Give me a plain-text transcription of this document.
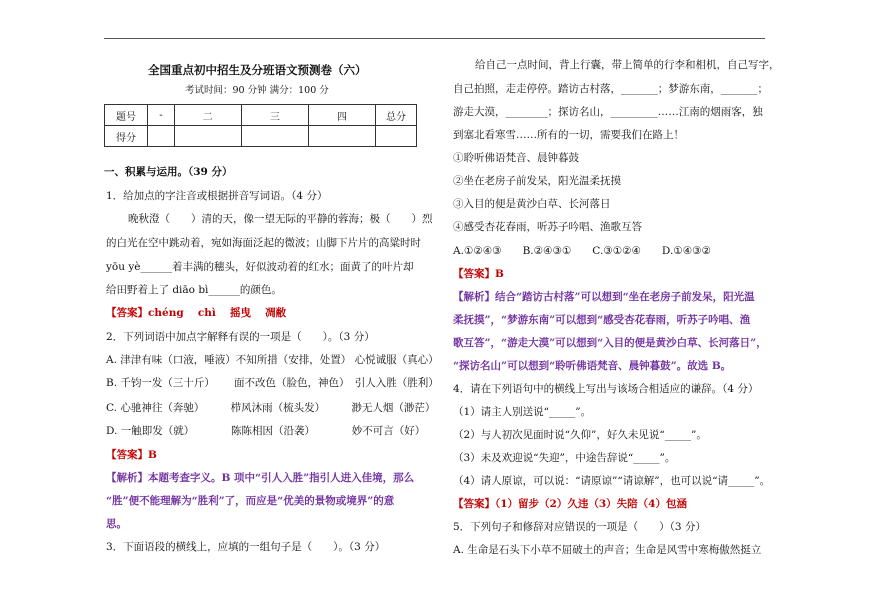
全国重点初中招生及分班语文预测卷（六）
考试时间：90 分钟 满分：100 分
题号	-	二	三	四	总分
得分					
一、积累与运用。（39 分）
1．给加点的字注音或根据拼音写词语。（4 分）
晚秋澄（　　）清的天，像一望无际的平静的蓉海；极（　　）烈
的白光在空中跳动着，宛如海面泛起的微波；山脚下片片的高粱时时
yōu yè______着丰满的穗头，好似波动着的红水；面黄了的叶片却
给田野着上了 diāo bì______的颜色。
【答案】chéng　 chì　 摇曳　 凋敝
2．下列词语中加点字解释有误的一项是（　　）。（3 分）
A. 津津有味（口液，唾液）不知所措（安排，处置） 心悦诚服（真心）
B. 千钧一发（三十斤）　　 面不改色（脸色，神色）　引人入胜（胜利）
C. 心驰神往（奔驰）　　　栉风沐雨（梳头发）　　　渺无人烟（渺茫）
D. 一触即发（就）　　　　陈陈相因（沿袭）　　　　妙不可言（好）
【答案】B
【解析】本题考查字义。B 项中“引人入胜”指引人进入佳境，那么
“胜”便不能理解为“胜利”了，而应是“优美的景物或境界”的意
思。
3．下面语段的横线上，应填的一组句子是（　　）。（3 分）
给自己一点时间，背上行囊，带上简单的行李和相机，自己写字，
自己拍照，走走停停。踏访古村落，_______；梦游东南，_______；
游走大漠，________；探访名山，_________……江南的烟雨客，独
到塞北看寒雪……所有的一切，需要我们在路上！
①聆听佛语梵音、晨钟暮鼓
②坐在老房子前发呆，阳光温柔抚摸
③入目的便是黄沙白草、长河落日
④感受杏花春雨，听苏子吟唱、渔歌互答
A.①②④③　　B.②④③①　　C.③①②④　　D.①④③②
【答案】B
【解析】结合“踏访古村落”可以想到“坐在老房子前发呆，阳光温
柔抚摸”，“梦游东南”可以想到“感受杏花春雨，听苏子吟唱、渔
歌互答”，“游走大漠”可以想到“入目的便是黄沙白草、长河落日”，
“探访名山”可以想到“聆听佛语梵音、晨钟暮鼓”。故选 B。
4．请在下列语句中的横线上写出与该场合相适应的谦辞。（4 分）
（1）请主人别送说“_____”。
（2）与人初次见面时说“久仰”，好久未见说“_____”。
（3）未及欢迎说“失迎”，中途告辞说“_____”。
（4）请人原谅，可以说：“请原谅”“请谅解”，也可以说“请_____”。
【答案】（1）留步（2）久违（3）失陪（4）包涵
5．下列句子和修辞对应错误的一项是（　　）（3 分）
A. 生命是石头下小草不屈破土的声音；生命是风雪中寒梅傲然挺立
